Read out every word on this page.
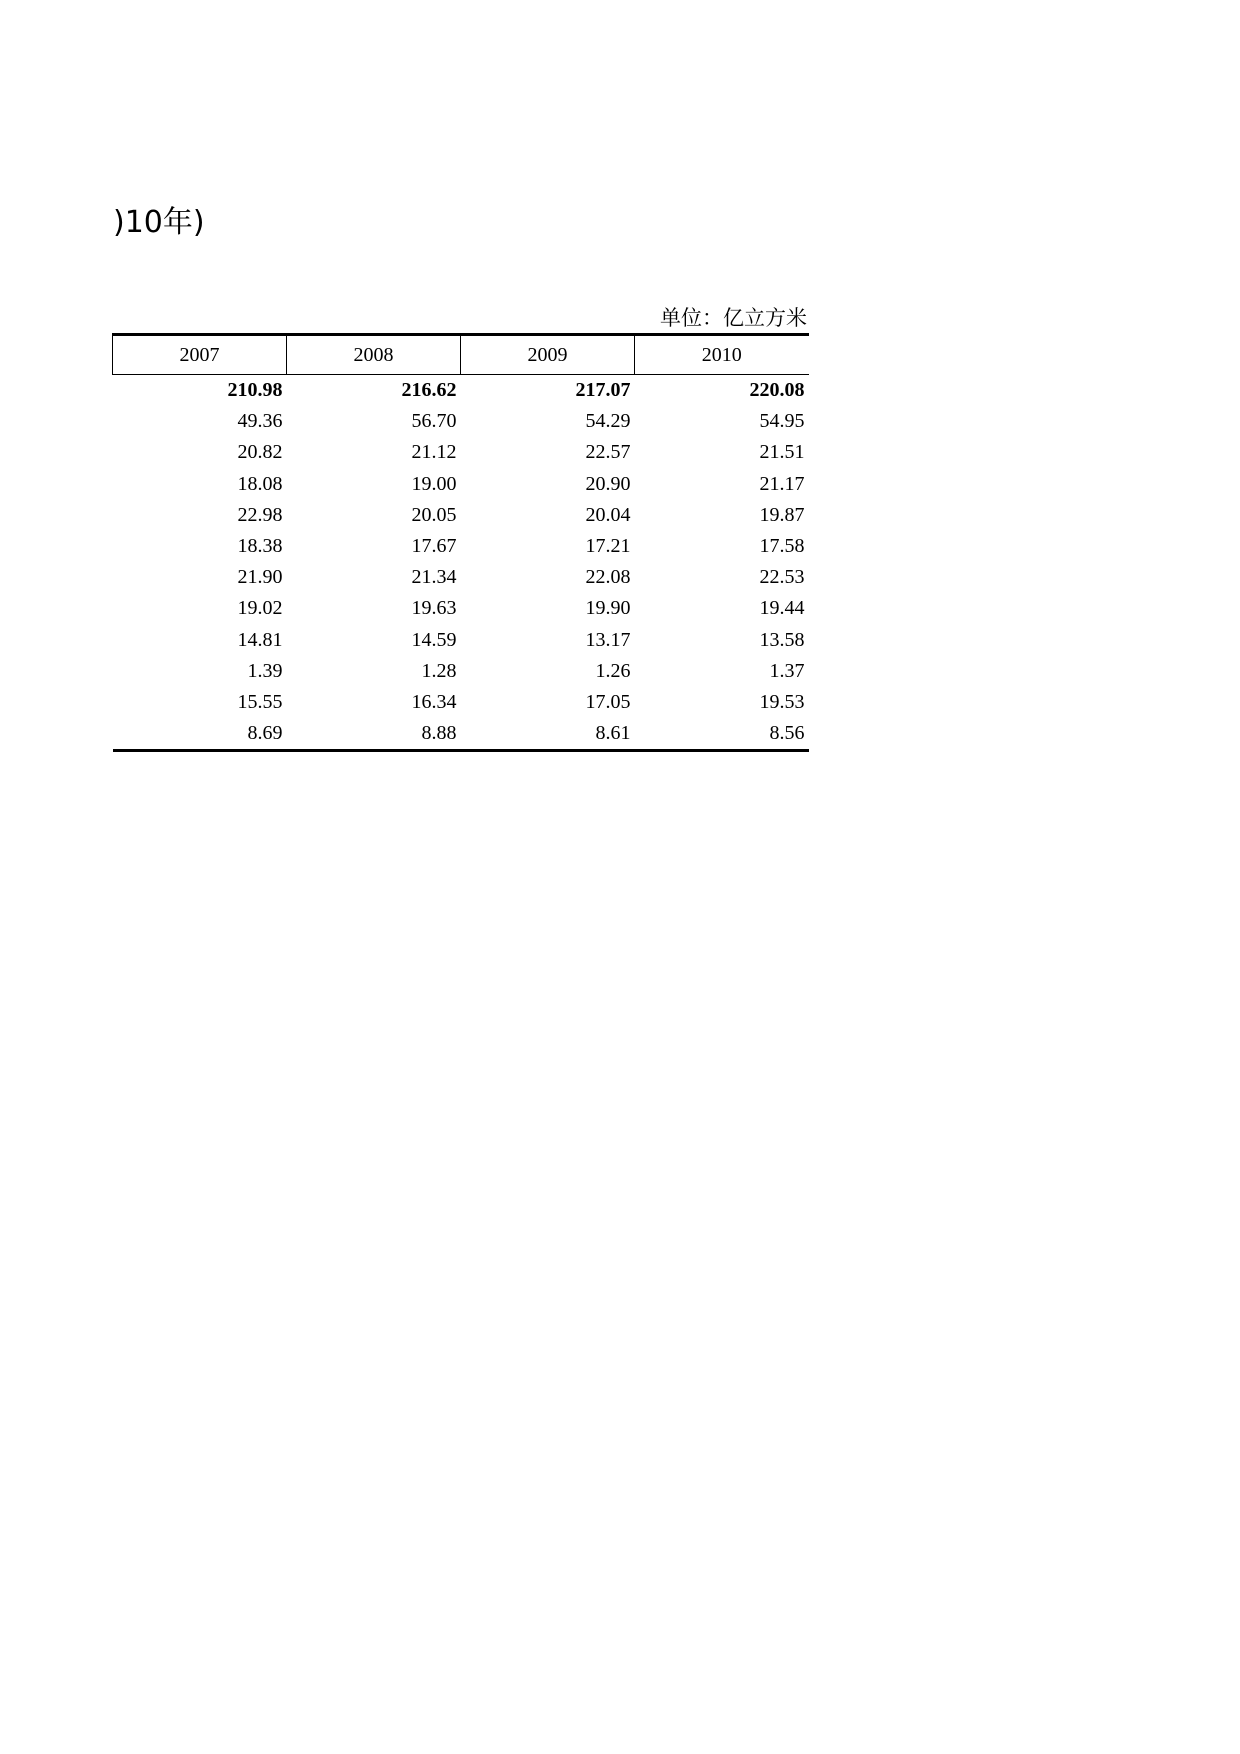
)10年)
单位：亿立方米
2007	2008	2009	2010
210.98	216.62	217.07	220.08
49.36	56.70	54.29	54.95
20.82	21.12	22.57	21.51
18.08	19.00	20.90	21.17
22.98	20.05	20.04	19.87
18.38	17.67	17.21	17.58
21.90	21.34	22.08	22.53
19.02	19.63	19.90	19.44
14.81	14.59	13.17	13.58
1.39	1.28	1.26	1.37
15.55	16.34	17.05	19.53
8.69	8.88	8.61	8.56
